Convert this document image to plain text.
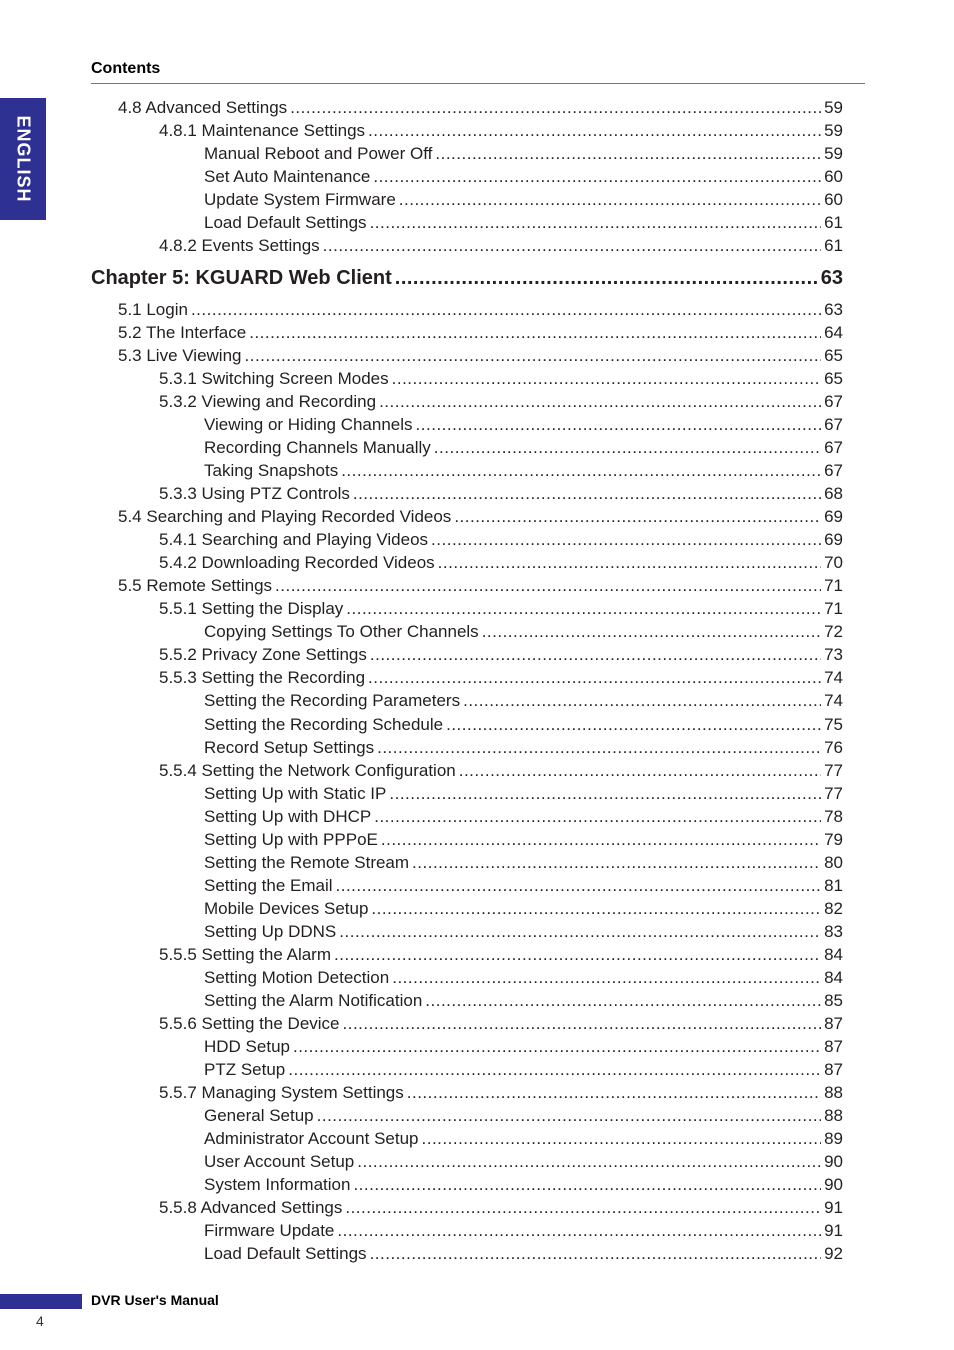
Contents
ENGLISH
4.8 Advanced Settings .....	59
4.8.1 Maintenance Settings .....	59
Manual Reboot and Power Off .....	59
Set Auto Maintenance .....	60
Update System Firmware .....	60
Load Default Settings .....	61
4.8.2 Events Settings .....	61
Chapter 5: KGUARD Web Client .....	63
5.1 Login .....	63
5.2 The Interface .....	64
5.3 Live Viewing .....	65
5.3.1 Switching Screen Modes .....	65
5.3.2 Viewing and Recording .....	67
Viewing or Hiding Channels .....	67
Recording Channels Manually .....	67
Taking Snapshots .....	67
5.3.3 Using PTZ Controls .....	68
5.4 Searching and Playing Recorded Videos .....	69
5.4.1 Searching and Playing Videos .....	69
5.4.2 Downloading Recorded Videos .....	70
5.5 Remote Settings .....	71
5.5.1 Setting the Display .....	71
Copying Settings To Other Channels .....	72
5.5.2 Privacy Zone Settings .....	73
5.5.3 Setting the Recording .....	74
Setting the Recording Parameters .....	74
Setting the Recording Schedule .....	75
Record Setup Settings .....	76
5.5.4 Setting the Network Configuration .....	77
Setting Up with Static IP .....	77
Setting Up with DHCP .....	78
Setting Up with PPPoE .....	79
Setting the Remote Stream .....	80
Setting the Email .....	81
Mobile Devices Setup .....	82
Setting Up DDNS .....	83
5.5.5 Setting the Alarm .....	84
Setting Motion Detection .....	84
Setting the Alarm Notification .....	85
5.5.6 Setting the Device .....	87
HDD Setup .....	87
PTZ Setup .....	87
5.5.7 Managing System Settings .....	88
General Setup .....	88
Administrator Account Setup .....	89
User Account Setup .....	90
System Information .....	90
5.5.8 Advanced Settings .....	91
Firmware Update .....	91
Load Default Settings .....	92
DVR User's Manual
4
